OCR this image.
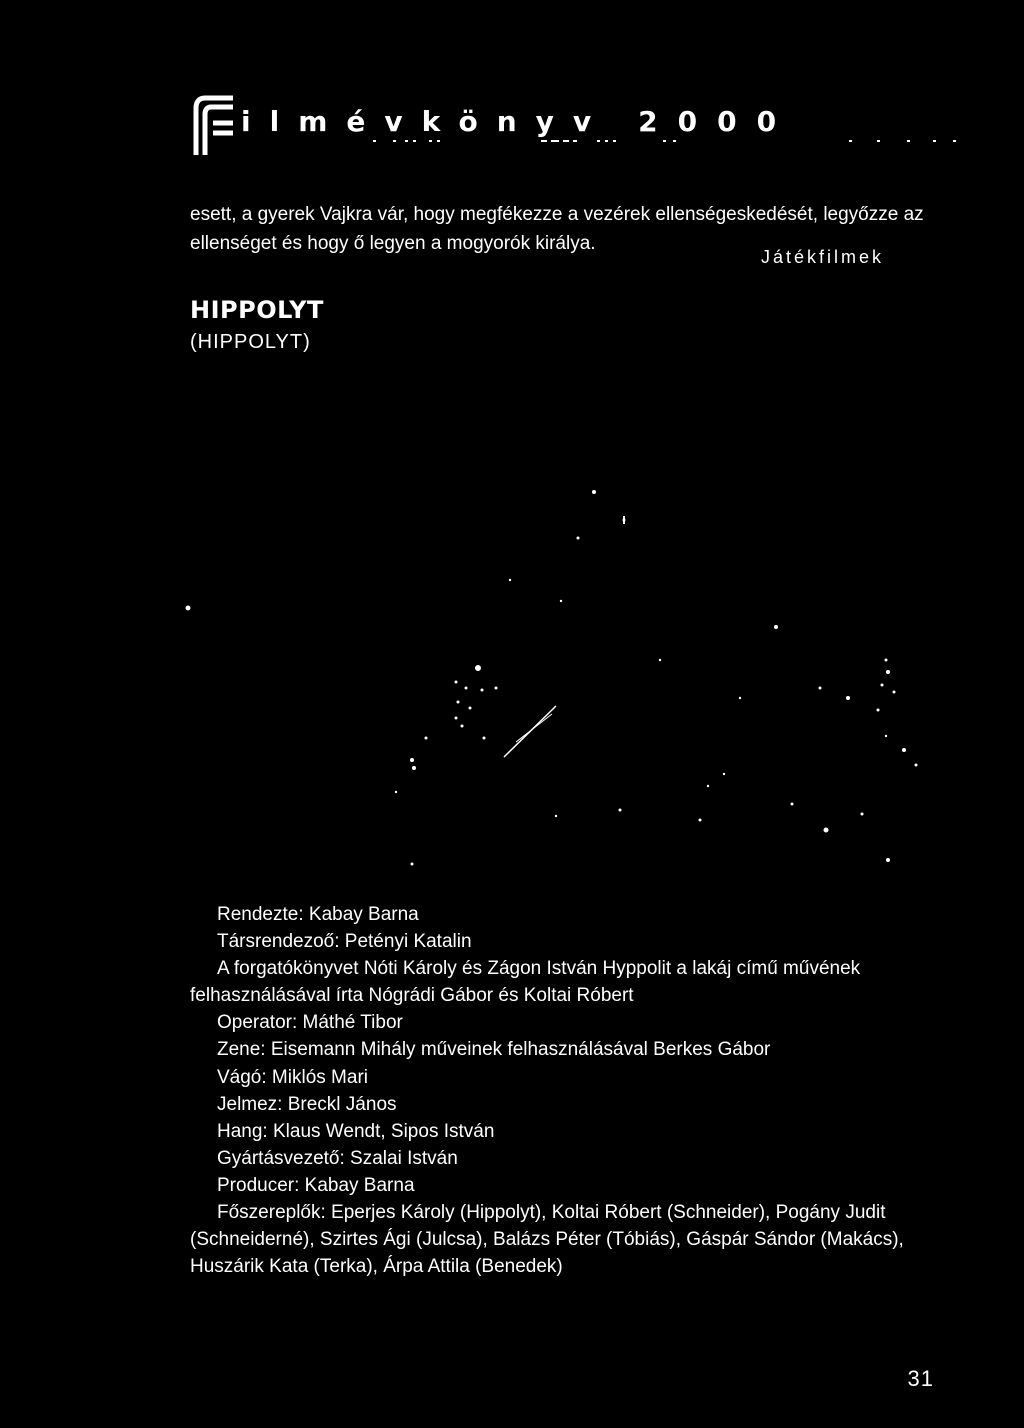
ilmévkönyv 2000
Játékfilmek
esett, a gyerek Vajkra vár, hogy megfékezze a vezérek ellenségeskedését, legyőzze az ellenséget és hogy ő legyen a mogyorók királya.
HIPPOLYT
(HIPPOLYT)
Rendezte: Kabay Barna
Társrendezoő: Petényi Katalin
A forgatókönyvet Nóti Károly és Zágon István Hyppolit a lakáj című művének felhasználásával írta Nógrádi Gábor és Koltai Róbert
Operator: Máthé Tibor
Zene: Eisemann Mihály műveinek felhasználásával Berkes Gábor
Vágó: Miklós Mari
Jelmez: Breckl János
Hang: Klaus Wendt, Sipos István
Gyártásvezető: Szalai István
Producer: Kabay Barna
Főszereplők: Eperjes Károly (Hippolyt), Koltai Róbert (Schneider), Pogány Judit (Schneiderné), Szirtes Ági (Julcsa), Balázs Péter (Tóbiás), Gáspár Sándor (Makács), Huszárik Kata (Terka), Árpa Attila (Benedek)
31
